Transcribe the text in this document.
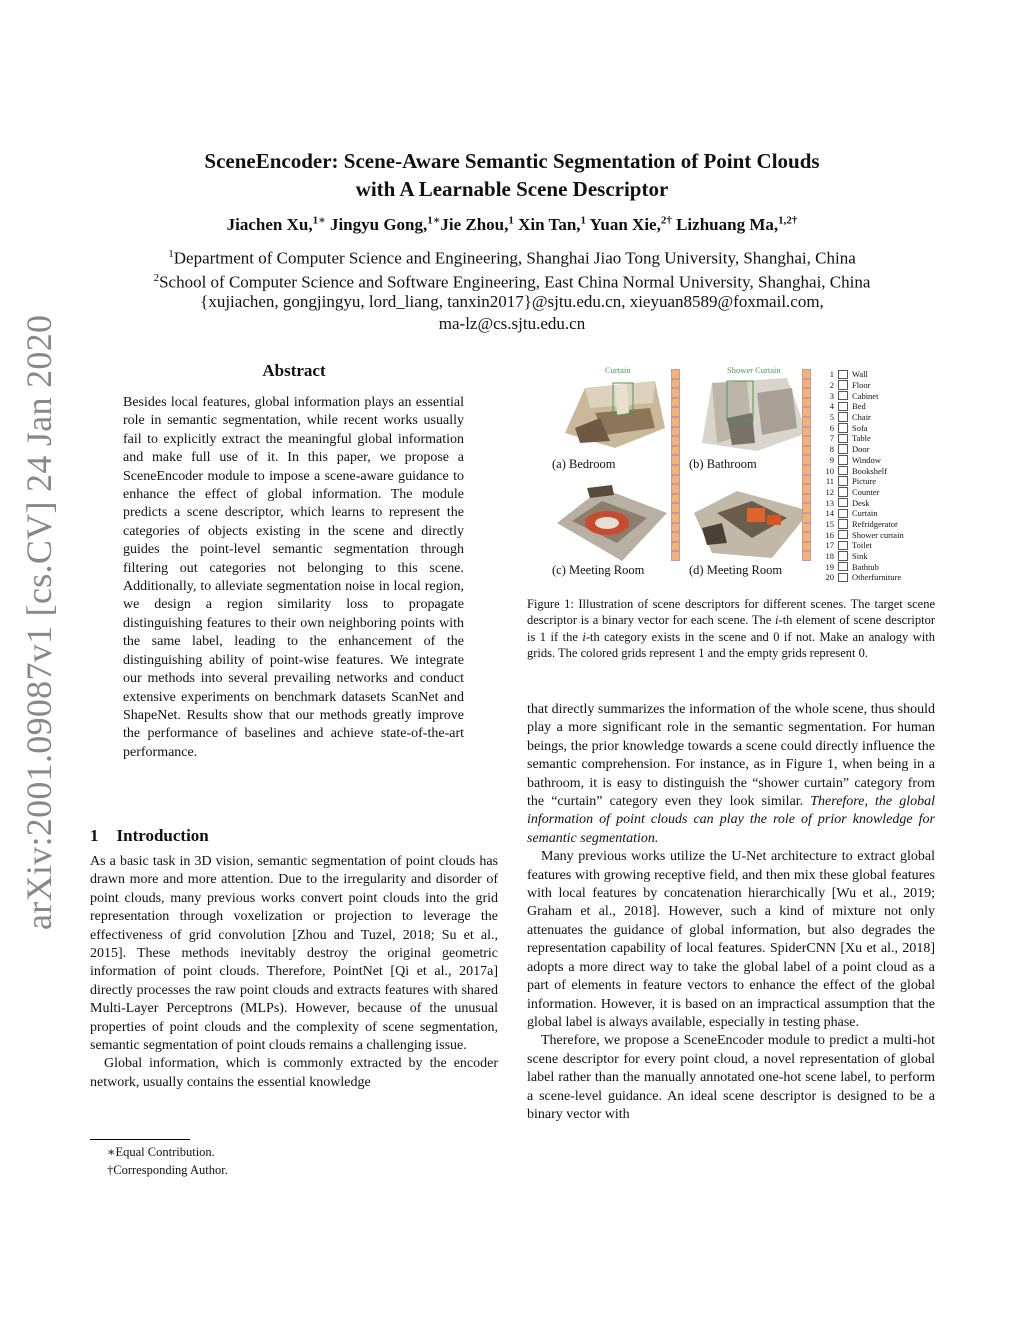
SceneEncoder: Scene-Aware Semantic Segmentation of Point Clouds
with A Learnable Scene Descriptor
Jiachen Xu,$^{1∗}$ Jingyu Gong,$^{1∗}$Jie Zhou,$^1$ Xin Tan,$^1$ Yuan Xie,$^{2\dagger}$ Lizhuang Ma,$^{1,2\dagger}$
$^1$Department of Computer Science and Engineering, Shanghai Jiao Tong University, Shanghai, China
$^2$School of Computer Science and Software Engineering, East China Normal University, Shanghai, China
{xujiachen, gongjingyu, lord_liang, tanxin2017}@sjtu.edu.cn, xieyuan8589@foxmail.com,
ma-lz@cs.sjtu.edu.cn
arXiv:2001.09087v1 [cs.CV] 24 Jan 2020	Abstract
Besides local features, global information plays an essential role in semantic segmentation, while recent works usually fail to explicitly extract the meaningful global information and make full use of it. In this paper, we propose a SceneEncoder module to impose a scene-aware guidance to enhance the effect of global information. The module predicts a scene descriptor, which learns to represent the categories of objects existing in the scene and directly guides the point-level semantic segmentation through filtering out categories not belonging to this scene. Additionally, to alleviate segmentation noise in local region, we design a region similarity loss to propagate distinguishing features to their own neighboring points with the same label, leading to the enhancement of the distinguishing ability of point-wise features. We integrate our methods into several prevailing networks and conduct extensive experiments on benchmark datasets ScanNet and ShapeNet. Results show that our methods greatly improve the performance of baselines and achieve state-of-the-art performance.
1 Introduction

As a basic task in 3D vision, semantic segmentation of point clouds has drawn more and more attention. Due to the irregularity and disorder of point clouds, many previous works convert point clouds into the grid representation through voxelization or projection to leverage the effectiveness of grid convolution [Zhou and Tuzel, 2018; Su et al., 2015]. These methods inevitably destroy the original geometric information of point clouds. Therefore, PointNet [Qi et al., 2017a] directly processes the raw point clouds and extracts features with shared Multi-Layer Perceptrons (MLPs). However, because of the unusual properties of point clouds and the complexity of scene segmentation, semantic segmentation of point clouds remains a challenging issue.

Global information, which is commonly extracted by the encoder network, usually contains the essential knowledge

∗Equal Contribution.
†Corresponding Author.
Curtain	Shower Curtain
(a) Bedroom	(b) Bathroom
(c) Meeting Room	(d) Meeting Room
1 Wall
2 Floor
3 Cabinet
4 Bed
5 Chair
6 Sofa
7 Table
8 Door
9 Window
10 Bookshelf
11 Picture
12 Counter
13 Desk
14 Curtain
15 Refridgerator
16 Shower curtain
17 Toilet
18 Sink
19 Bathtub
20 Otherfurniture
Figure 1: Illustration of scene descriptors for different scenes. The target scene descriptor is a binary vector for each scene. The i-th element of scene descriptor is 1 if the i-th category exists in the scene and 0 if not. Make an analogy with grids. The colored grids represent 1 and the empty grids represent 0.

that directly summarizes the information of the whole scene, thus should play a more significant role in the semantic segmentation. For human beings, the prior knowledge towards a scene could directly influence the semantic comprehension. For instance, as in Figure 1, when being in a bathroom, it is easy to distinguish the “shower curtain” category from the “curtain” category even they look similar. Therefore, the global information of point clouds can play the role of prior knowledge for semantic segmentation.

Many previous works utilize the U-Net architecture to extract global features with growing receptive field, and then mix these global features with local features by concatenation hierarchically [Wu et al., 2019; Graham et al., 2018]. However, such a kind of mixture not only attenuates the guidance of global information, but also degrades the representation capability of local features. SpiderCNN [Xu et al., 2018] adopts a more direct way to take the global label of a point cloud as a part of elements in feature vectors to enhance the effect of the global information. However, it is based on an impractical assumption that the global label is always available, especially in testing phase.

Therefore, we propose a SceneEncoder module to predict a multi-hot scene descriptor for every point cloud, a novel representation of global label rather than the manually annotated one-hot scene label, to perform a scene-level guidance. An ideal scene descriptor is designed to be a binary vector with
